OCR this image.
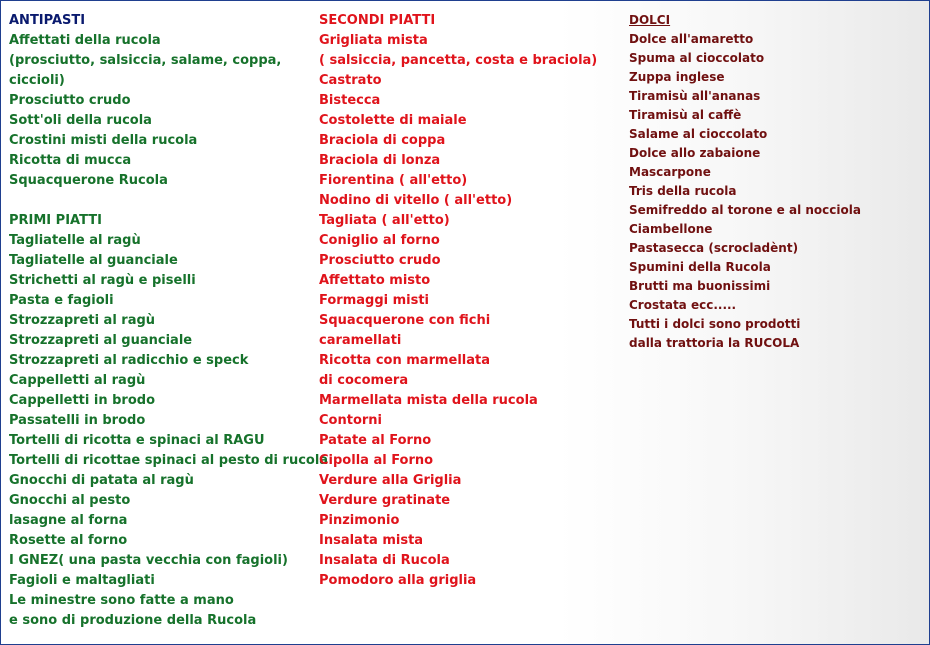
ANTIPASTI
Affettati della rucola
(prosciutto, salsiccia, salame, coppa,
ciccioli)
Prosciutto crudo
Sott'oli della rucola
Crostini misti della rucola
Ricotta di mucca
Squacquerone Rucola
PRIMI PIATTI
Tagliatelle al ragù
Tagliatelle al guanciale
Strichetti al ragù e piselli
Pasta e fagioli
Strozzapreti al ragù
Strozzapreti al guanciale
Strozzapreti al radicchio e speck
Cappelletti al ragù
Cappelletti in brodo
Passatelli in brodo
Tortelli di ricotta e spinaci al RAGU
Tortelli di ricottae spinaci al pesto di rucola
Gnocchi di patata al ragù
Gnocchi al pesto
lasagne al forna
Rosette al forno
I GNEZ( una pasta vecchia con fagioli)
Fagioli e maltagliati
Le minestre sono fatte a mano
e sono di produzione della Rucola
SECONDI PIATTI
Grigliata mista
( salsiccia, pancetta, costa e braciola)
Castrato
Bistecca
Costolette di maiale
Braciola di coppa
Braciola di lonza
Fiorentina ( all'etto)
Nodino di vitello ( all'etto)
Tagliata ( all'etto)
Coniglio al forno
Prosciutto crudo
Affettato misto
Formaggi misti
Squacquerone con fichi
caramellati
Ricotta con marmellata
di cocomera
Marmellata mista della rucola
Contorni
Patate al Forno
Cipolla al Forno
Verdure alla Griglia
Verdure gratinate
Pinzimonio
Insalata mista
Insalata di Rucola
Pomodoro alla griglia
DOLCI
Dolce all'amaretto
Spuma al cioccolato
Zuppa inglese
Tiramisù all'ananas
Tiramisù al caffè
Salame al cioccolato
Dolce allo zabaione
Mascarpone
Tris della rucola
Semifreddo al torone e al nocciola
Ciambellone
Pastasecca (scrocladènt)
Spumini della Rucola
Brutti ma buonissimi
Crostata ecc.....
Tutti i dolci sono prodotti
dalla trattoria la RUCOLA
